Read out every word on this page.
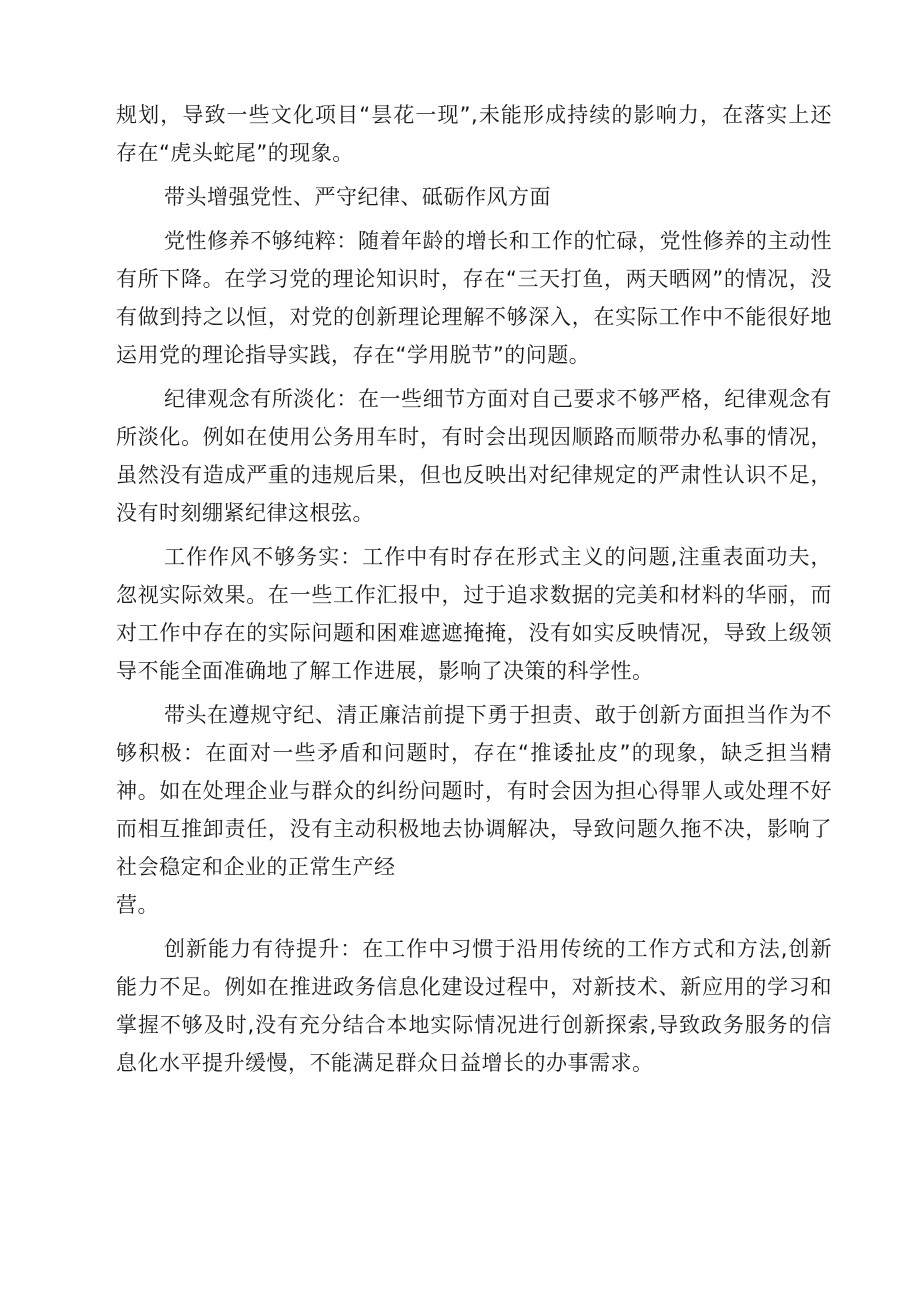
规划，导致一些文化项目“昙花一现”,未能形成持续的影响力，在落实上还存在“虎头蛇尾”的现象。

带头增强党性、严守纪律、砥砺作风方面

党性修养不够纯粹：随着年龄的增长和工作的忙碌，党性修养的主动性有所下降。在学习党的理论知识时，存在“三天打鱼，两天晒网”的情况，没有做到持之以恒，对党的创新理论理解不够深入，在实际工作中不能很好地运用党的理论指导实践，存在“学用脱节”的问题。

纪律观念有所淡化：在一些细节方面对自己要求不够严格，纪律观念有所淡化。例如在使用公务用车时，有时会出现因顺路而顺带办私事的情况，虽然没有造成严重的违规后果，但也反映出对纪律规定的严肃性认识不足，没有时刻绷紧纪律这根弦。

工作作风不够务实：工作中有时存在形式主义的问题,注重表面功夫，忽视实际效果。在一些工作汇报中，过于追求数据的完美和材料的华丽，而对工作中存在的实际问题和困难遮遮掩掩，没有如实反映情况，导致上级领导不能全面准确地了解工作进展，影响了决策的科学性。

带头在遵规守纪、清正廉洁前提下勇于担责、敢于创新方面担当作为不够积极：在面对一些矛盾和问题时，存在“推诿扯皮”的现象，缺乏担当精神。如在处理企业与群众的纠纷问题时，有时会因为担心得罪人或处理不好而相互推卸责任，没有主动积极地去协调解决，导致问题久拖不决，影响了社会稳定和企业的正常生产经
营。

创新能力有待提升：在工作中习惯于沿用传统的工作方式和方法,创新能力不足。例如在推进政务信息化建设过程中，对新技术、新应用的学习和掌握不够及时,没有充分结合本地实际情况进行创新探索,导致政务服务的信息化水平提升缓慢，不能满足群众日益增长的办事需求。
